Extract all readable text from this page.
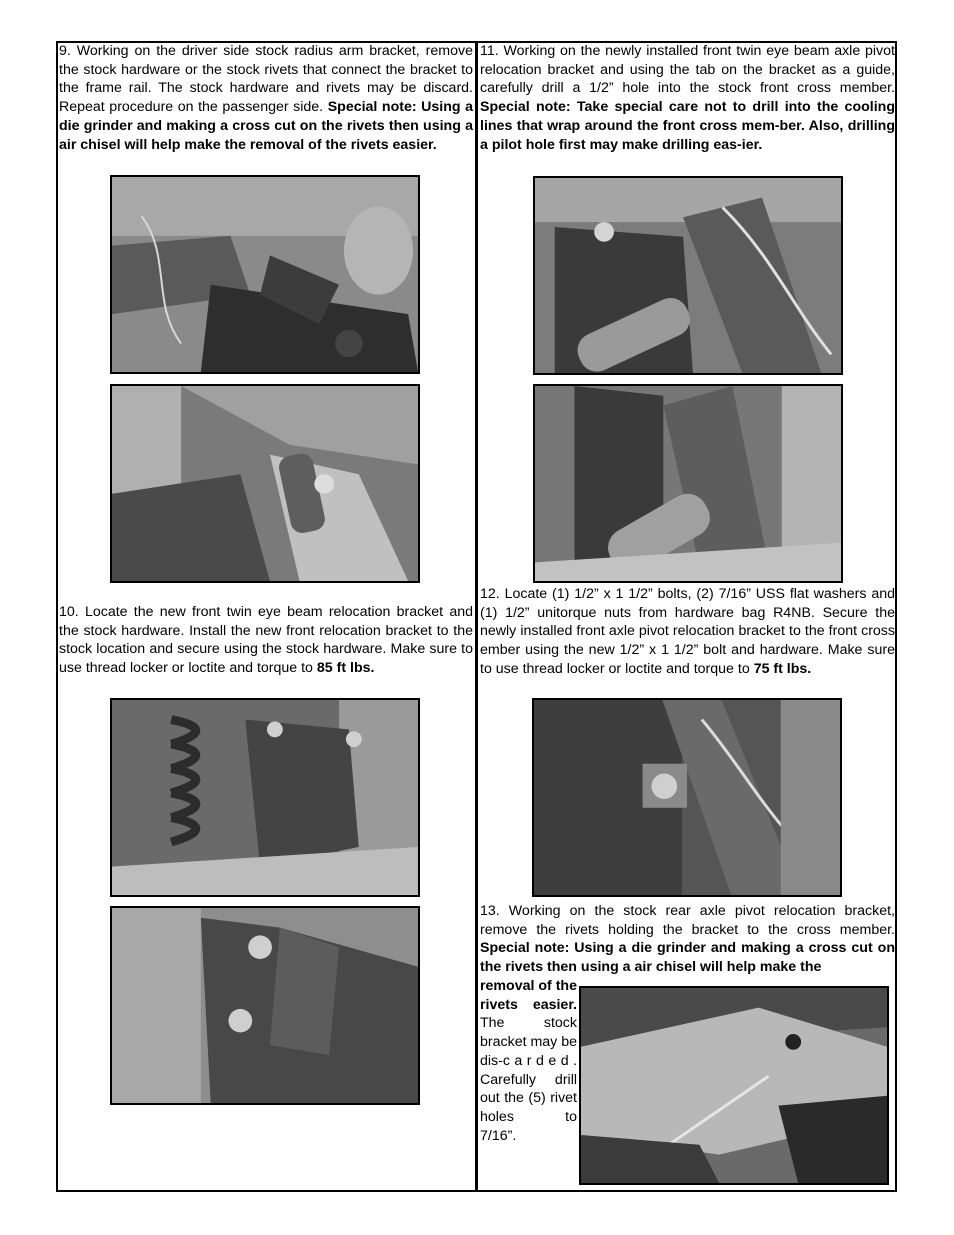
9. Working on the driver side stock radius arm bracket, remove the stock hardware or the stock rivets that connect the bracket to the frame rail. The stock hardware and rivets may be discard. Repeat procedure on the passenger side. Special note: Using a die grinder and making a cross cut on the rivets then using a air chisel will help make the removal of the rivets easier.

10. Locate the new front twin eye beam relocation bracket and the stock hardware. Install the new front relocation bracket to the stock location and secure using the stock hardware. Make sure to use thread locker or loctite and torque to 85 ft lbs.

11. Working on the newly installed front twin eye beam axle pivot relocation bracket and using the tab on the bracket as a guide, carefully drill a 1/2” hole into the stock front cross member. Special note: Take special care not to drill into the cooling lines that wrap around the front cross mem-ber. Also, drilling a pilot hole first may make drilling eas-ier.

12. Locate (1) 1/2” x 1 1/2” bolts, (2) 7/16” USS flat washers and (1) 1/2” unitorque nuts from hardware bag R4NB. Secure the newly installed front axle pivot relocation bracket to the front cross ember using the new 1/2” x 1 1/2” bolt and hardware. Make sure to use thread locker or loctite and torque to 75 ft lbs.

13. Working on the stock rear axle pivot relocation bracket, remove the rivets holding the bracket to the cross member. Special note: Using a die grinder and making a cross cut on the rivets then using a air chisel will help make the

removal of the rivets easier. The stock bracket may be dis-c a r d e d . Carefully drill out the (5) rivet holes to
7/16”.
